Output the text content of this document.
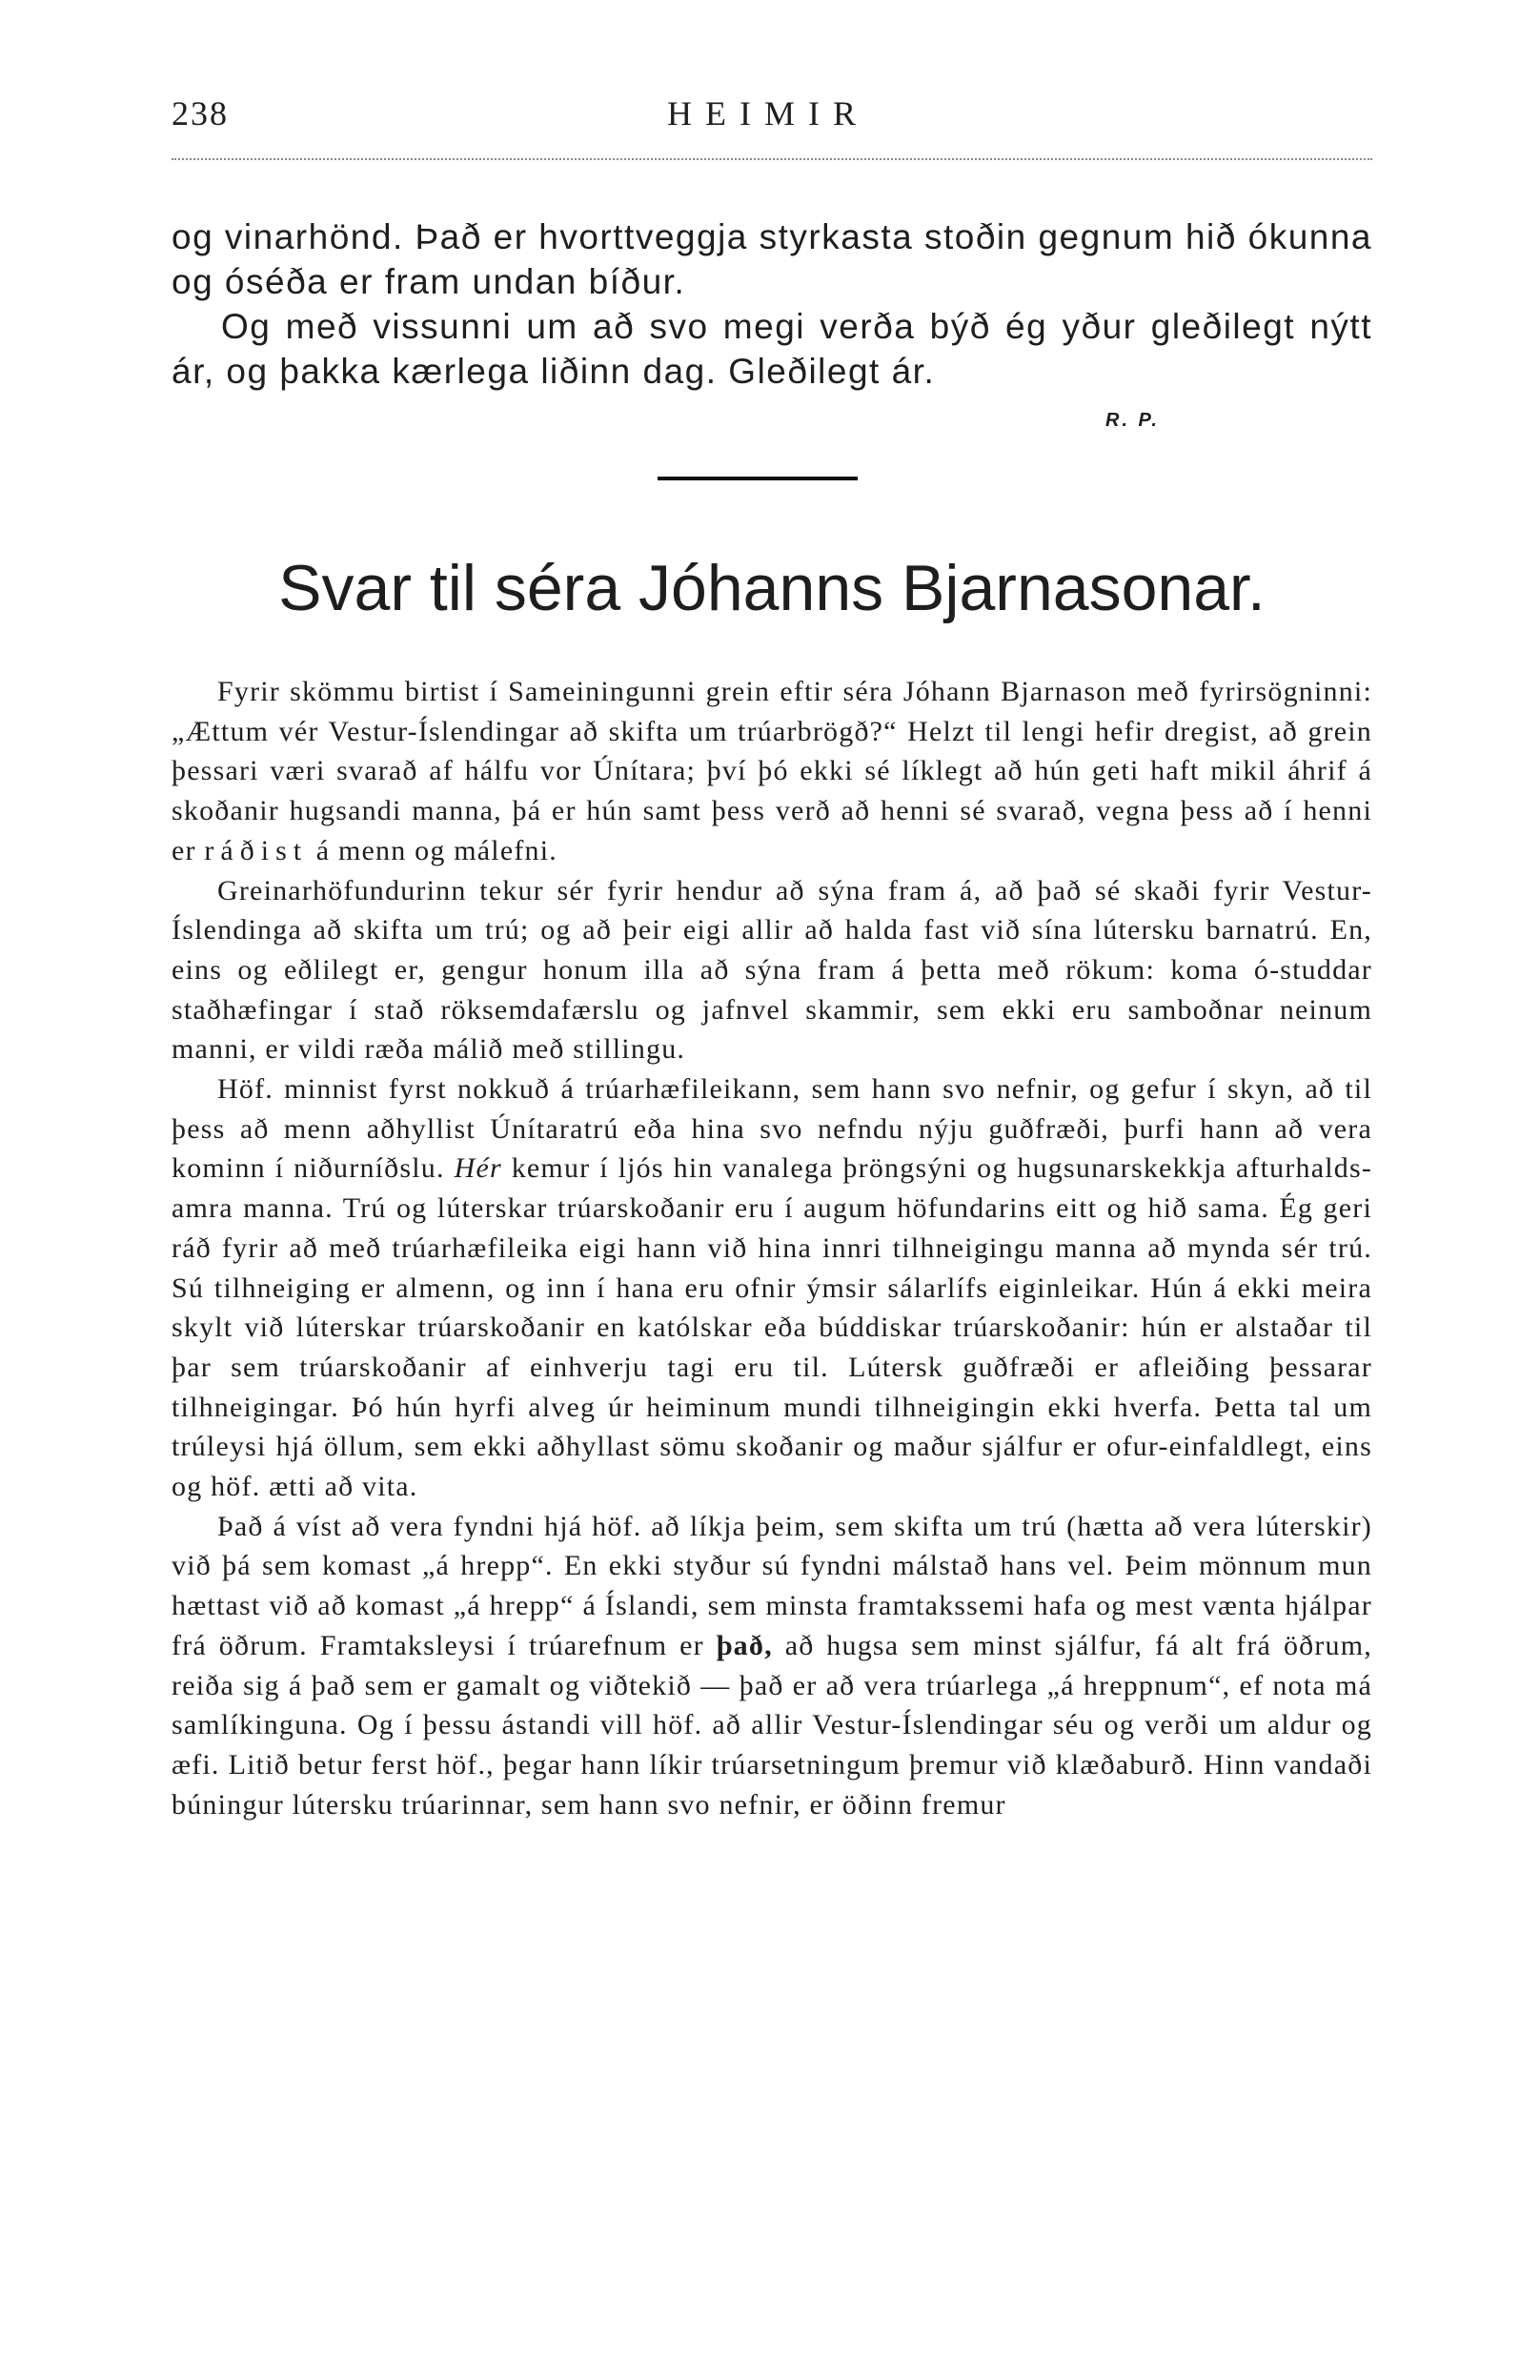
238	HEIMIR

og vinarhönd. Það er hvorttveggja styrkasta stoðin gegnum hið ókunna og óséða er fram undan bíður.

Og með vissunni um að svo megi verða býð ég yður gleðilegt nýtt ár, og þakka kærlega liðinn dag. Gleðilegt ár.

R. P.
Svar til séra Jóhanns Bjarnasonar.

Fyrir skömmu birtist í Sameiningunni grein eftir séra Jóhann Bjarnason með fyrirsögninni: „Ættum vér Vestur-Íslendingar að skifta um trúarbrögð?“ Helzt til lengi hefir dregist, að grein þessari væri svarað af hálfu vor Únítara; því þó ekki sé líklegt að hún geti haft mikil áhrif á skoðanir hugsandi manna, þá er hún samt þess verð að henni sé svarað, vegna þess að í henni er ráðist á menn og málefni.

Greinarhöfundurinn tekur sér fyrir hendur að sýna fram á, að það sé skaði fyrir Vestur-Íslendinga að skifta um trú; og að þeir eigi allir að halda fast við sína lútersku barnatrú. En, eins og eðlilegt er, gengur honum illa að sýna fram á þetta með rökum: koma ó-studdar staðhæfingar í stað röksemdafærslu og jafnvel skammir, sem ekki eru samboðnar neinum manni, er vildi ræða málið með stillingu.

Höf. minnist fyrst nokkuð á trúarhæfileikann, sem hann svo nefnir, og gefur í skyn, að til þess að menn aðhyllist Únítaratrú eða hina svo nefndu nýju guðfræði, þurfi hann að vera kominn í niðurníðslu. Hér kemur í ljós hin vanalega þröngsýni og hugsunarskekkja afturhalds-amra manna. Trú og lúterskar trúarskoðanir eru í augum höfundarins eitt og hið sama. Ég geri ráð fyrir að með trúarhæfileika eigi hann við hina innri tilhneigingu manna að mynda sér trú. Sú tilhneiging er almenn, og inn í hana eru ofnir ýmsir sálarlífs eiginleikar. Hún á ekki meira skylt við lúterskar trúarskoðanir en katólskar eða búddiskar trúarskoðanir: hún er alstaðar til þar sem trúarskoðanir af einhverju tagi eru til. Lútersk guðfræði er afleiðing þessarar tilhneigingar. Þó hún hyrfi alveg úr heiminum mundi tilhneigingin ekki hverfa. Þetta tal um trúleysi hjá öllum, sem ekki aðhyllast sömu skoðanir og maður sjálfur er ofur-einfaldlegt, eins og höf. ætti að vita.

Það á víst að vera fyndni hjá höf. að líkja þeim, sem skifta um trú (hætta að vera lúterskir) við þá sem komast „á hrepp“. En ekki styður sú fyndni málstað hans vel. Þeim mönnum mun hættast við að komast „á hrepp“ á Íslandi, sem minsta framtakssemi hafa og mest vænta hjálpar frá öðrum. Framtaksleysi í trúarefnum er það, að hugsa sem minst sjálfur, fá alt frá öðrum, reiða sig á það sem er gamalt og viðtekið — það er að vera trúarlega „á hreppnum“, ef nota má samlíkinguna. Og í þessu ástandi vill höf. að allir Vestur-Íslendingar séu og verði um aldur og æfi. Litið betur ferst höf., þegar hann líkir trúarsetningum þremur við klæðaburð. Hinn vandaði búningur lútersku trúarinnar, sem hann svo nefnir, er öðinn fremur
